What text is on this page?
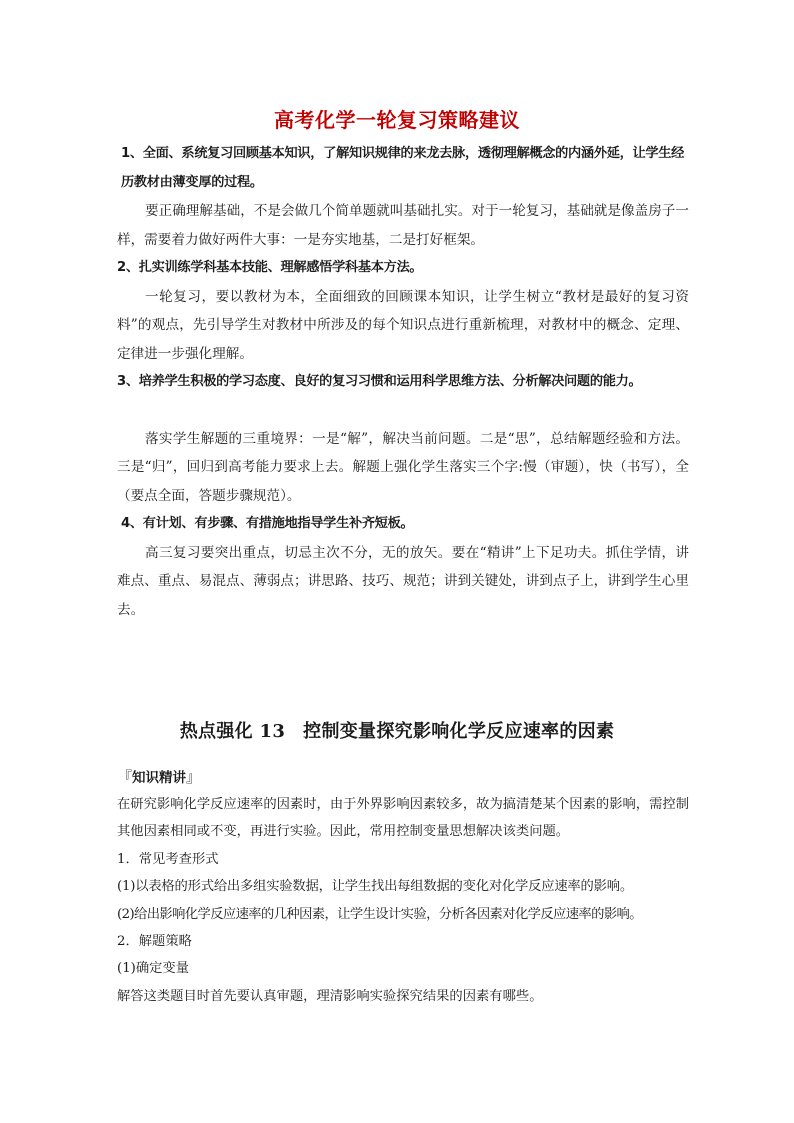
高考化学一轮复习策略建议
1、全面、系统复习回顾基本知识，了解知识规律的来龙去脉，透彻理解概念的内涵外延，让学生经历教材由薄变厚的过程。
要正确理解基础，不是会做几个简单题就叫基础扎实。对于一轮复习，基础就是像盖房子一样，需要着力做好两件大事：一是夯实地基，二是打好框架。
2、扎实训练学科基本技能、理解感悟学科基本方法。
一轮复习，要以教材为本，全面细致的回顾课本知识，让学生树立“教材是最好的复习资料”的观点，先引导学生对教材中所涉及的每个知识点进行重新梳理，对教材中的概念、定理、定律进一步强化理解。
3、培养学生积极的学习态度、良好的复习习惯和运用科学思维方法、分析解决问题的能力。
落实学生解题的三重境界：一是“解”，解决当前问题。二是“思”，总结解题经验和方法。三是“归”，回归到高考能力要求上去。解题上强化学生落实三个字:慢（审题），快（书写），全（要点全面，答题步骤规范）。
4、有计划、有步骤、有措施地指导学生补齐短板。
高三复习要突出重点，切忌主次不分，无的放矢。要在“精讲”上下足功夫。抓住学情，讲难点、重点、易混点、薄弱点；讲思路、技巧、规范；讲到关键处，讲到点子上，讲到学生心里去。
热点强化 13 控制变量探究影响化学反应速率的因素
『知识精讲』
在研究影响化学反应速率的因素时，由于外界影响因素较多，故为搞清楚某个因素的影响，需控制其他因素相同或不变，再进行实验。因此，常用控制变量思想解决该类问题。
1．常见考查形式
(1)以表格的形式给出多组实验数据，让学生找出每组数据的变化对化学反应速率的影响。
(2)给出影响化学反应速率的几种因素，让学生设计实验，分析各因素对化学反应速率的影响。
2．解题策略
(1)确定变量
解答这类题目时首先要认真审题，理清影响实验探究结果的因素有哪些。
